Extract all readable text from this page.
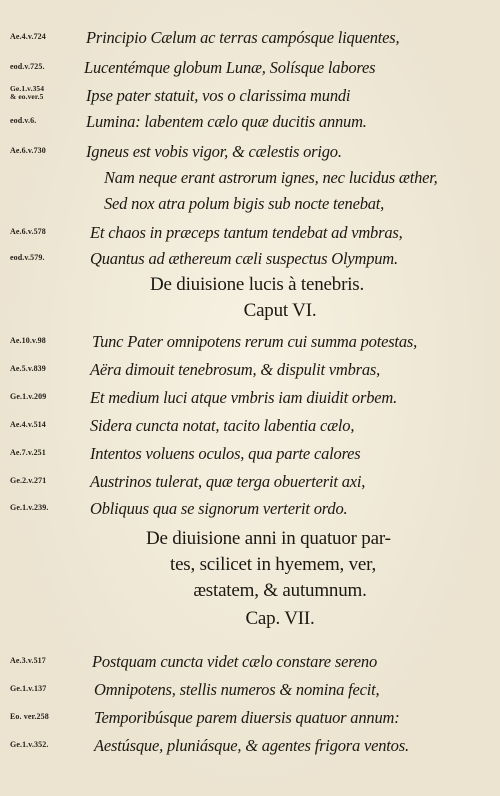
Ae.4.v.724 Principio Cælum ac terras campósque liquentes,
eod.v.725. Lucentémque globum Lunæ, Solísque labores
Ge.1.v.354
& eo.ver.5	Ipse pater statuit, vos o clarissima mundi
eod.v.6.	Lumina: labentem cælo quæ ducitis annum.
Ae.6.v.730 Igneus est vobis vigor, & cælestis origo.
Nam neque erant astrorum ignes, nec lucidus æther,
Sed nox atra polum bigis sub nocte tenebat,
Ae.6.v.578	Et chaos in præceps tantum tendebat ad vmbras,
eod.v.579.	Quantus ad æthereum cæli suspectus Olympum.
De diuisione lucis à tenebris.
Caput VI.
Ae.10.v.98	Tunc Pater omnipotens rerum cui summa potestas,
Ae.5.v.839	Aëra dimouit tenebrosum, & dispulit vmbras,
Ge.1.v.209	Et medium luci atque vmbris iam diuidit orbem.
Ae.4.v.514	Sidera cuncta notat, tacito labentia cælo,
Ae.7.v.251	Intentos voluens oculos, qua parte calores
Ge.2.v.271	Austrinos tulerat, quæ terga obuerterit axi,
Ge.1.v.239.	Obliquus qua se signorum verterit ordo.
De diuisione anni in quatuor par-
tes, scilicet in hyemem, ver,
æstatem, & autumnum.
Cap. VII.
Ae.3.v.517	Postquam cuncta videt cælo constare sereno
Ge.1.v.137	Omnipotens, stellis numeros & nomina fecit,
Eo. ver.258	Temporibúsque parem diuersis quatuor annum:
Ge.1.v.352.	Aestúsque, pluniásque, & agentes frigora ventos.
